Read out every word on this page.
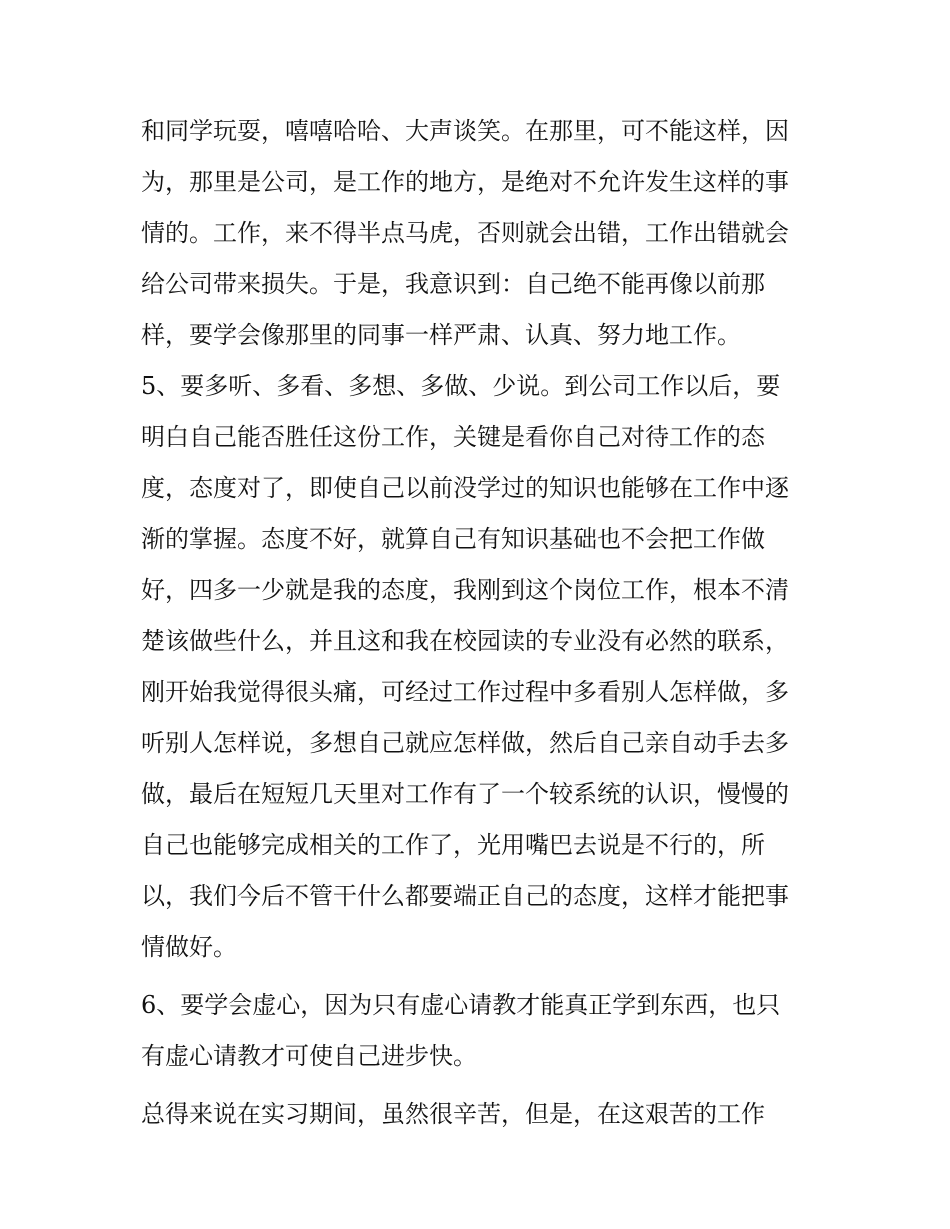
和同学玩耍，嘻嘻哈哈、大声谈笑。在那里，可不能这样，因
为，那里是公司，是工作的地方，是绝对不允许发生这样的事
情的。工作，来不得半点马虎，否则就会出错，工作出错就会
给公司带来损失。于是，我意识到：自己绝不能再像以前那
样，要学会像那里的同事一样严肃、认真、努力地工作。
5、要多听、多看、多想、多做、少说。到公司工作以后，要
明白自己能否胜任这份工作，关键是看你自己对待工作的态
度，态度对了，即使自己以前没学过的知识也能够在工作中逐
渐的掌握。态度不好，就算自己有知识基础也不会把工作做
好，四多一少就是我的态度，我刚到这个岗位工作，根本不清
楚该做些什么，并且这和我在校园读的专业没有必然的联系，
刚开始我觉得很头痛，可经过工作过程中多看别人怎样做，多
听别人怎样说，多想自己就应怎样做，然后自己亲自动手去多
做，最后在短短几天里对工作有了一个较系统的认识，慢慢的
自己也能够完成相关的工作了，光用嘴巴去说是不行的，所
以，我们今后不管干什么都要端正自己的态度，这样才能把事
情做好。
6、要学会虚心，因为只有虚心请教才能真正学到东西，也只
有虚心请教才可使自己进步快。
总得来说在实习期间，虽然很辛苦，但是，在这艰苦的工作
